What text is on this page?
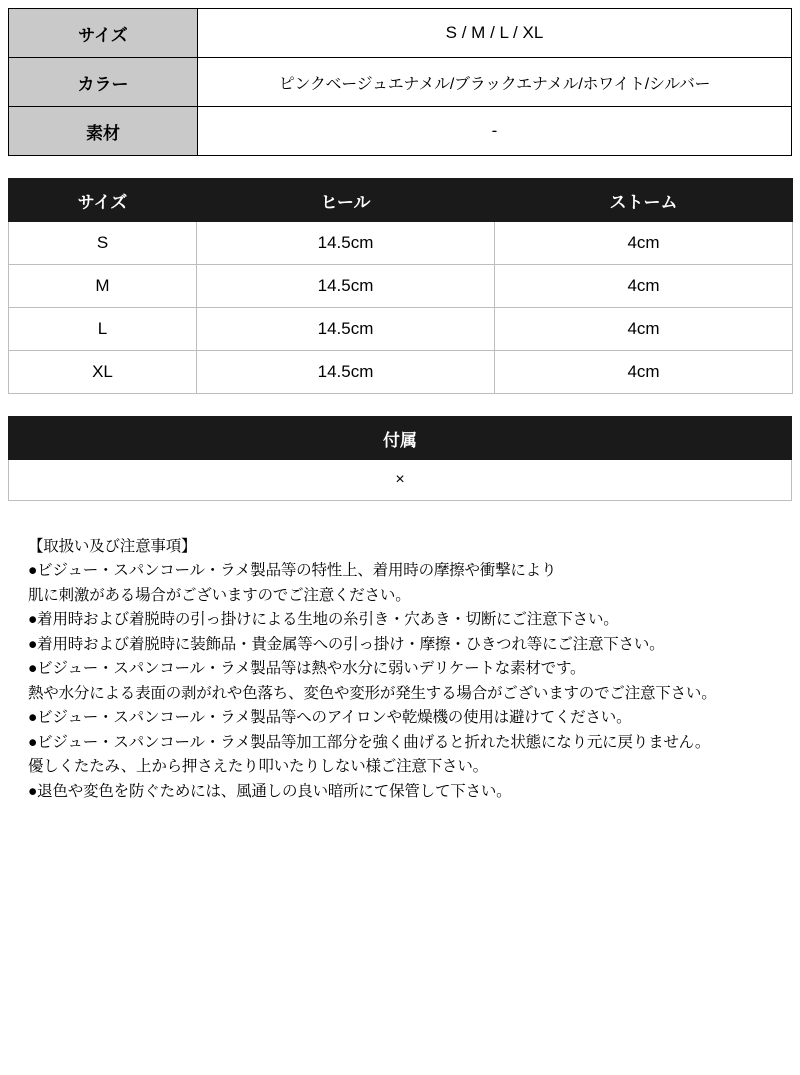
サイズ	S / M / L / XL
カラー	ピンクベージュエナメル/ブラックエナメル/ホワイト/シルバー
素材	-
サイズ	ヒール	ストーム
S	14.5cm	4cm
M	14.5cm	4cm
L	14.5cm	4cm
XL	14.5cm	4cm
付属
×
【取扱い及び注意事項】
●ビジュー・スパンコール・ラメ製品等の特性上、着用時の摩擦や衝撃により
肌に刺激がある場合がございますのでご注意ください。
●着用時および着脱時の引っ掛けによる生地の糸引き・穴あき・切断にご注意下さい。
●着用時および着脱時に装飾品・貴金属等への引っ掛け・摩擦・ひきつれ等にご注意下さい。
●ビジュー・スパンコール・ラメ製品等は熱や水分に弱いデリケートな素材です。
熱や水分による表面の剥がれや色落ち、変色や変形が発生する場合がございますのでご注意下さい。
●ビジュー・スパンコール・ラメ製品等へのアイロンや乾燥機の使用は避けてください。
●ビジュー・スパンコール・ラメ製品等加工部分を強く曲げると折れた状態になり元に戻りません。
優しくたたみ、上から押さえたり叩いたりしない様ご注意下さい。
●退色や変色を防ぐためには、風通しの良い暗所にて保管して下さい。
